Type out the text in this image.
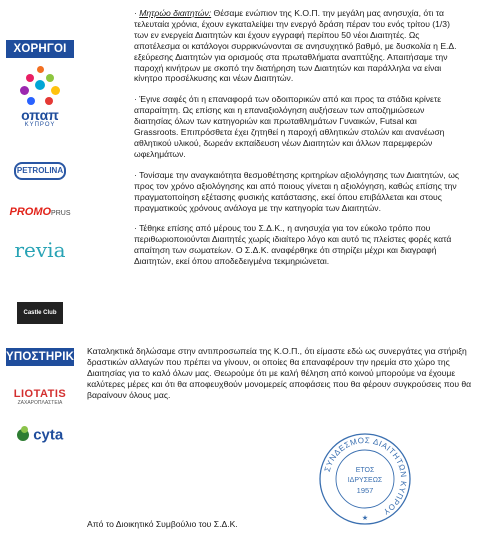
ΧΟΡΗΓΟΙ
οπαπ
ΚΥΠΡΟΥ
PETROLINA
PROMOPRUS
revia
Castle Club
ΥΠΟΣΤΗΡΙΚΤΕΣ
LIOTATIS
ΖΑΧΑΡΟΠΛΑΣΤΕΙΑ
cyta

· Μητρώο διαιτητών: Θέσαμε ενώπιον της Κ.Ο.Π. την μεγάλη μας ανησυχία, ότι τα τελευταία χρόνια, έχουν εγκαταλείψει την ενεργό δράση πέραν του ενός τρίτου (1/3) των εν ενεργεία Διαιτητών και έχουν εγγραφή περίπου 50 νέοι Διαιτητές. Ως αποτέλεσμα οι κατάλογοι συρρικνώνονται σε ανησυχητικό βαθμό, με δυσκολία η Ε.Δ. εξεύρεσης Διαιτητών για ορισμούς στα πρωταθλήματα αναπτύξης. Απαιτήσαμε την παροχή κινήτρων με σκοπό την διατήρηση των Διαιτητών και παράλληλα να είναι κίνητρο προσέλκυσης και νέων Διαιτητών.

· Έγινε σαφές ότι η επαναφορά των οδοιπορικών από και προς τα στάδια κρίνετε απαραίτητη. Ως επίσης και η επαναξιολόγηση αυξήσεων των αποζημιώσεων διαιτησίας όλων των κατηγοριών και πρωταθλημάτων Γυναικών, Futsal και Grassroots. Επιπρόσθετα έχει ζητηθεί η παροχή αθλητικών στολών και ανανέωση αθλητικού υλικού, δωρεάν εκπαίδευση νέων Διαιτητών και άλλων παρεμφερών ωφελημάτων.

· Τονίσαμε την αναγκαιότητα θεσμοθέτησης κριτηρίων αξιολόγησης των Διαιτητών, ως προς τον χρόνο αξιολόγησης και από ποιους γίνεται η αξιολόγηση, καθώς επίσης την πραγματοποίηση εξέτασης φυσικής κατάστασης, εκεί όπου επιβάλλεται και στους πραγματικούς χρόνους ανάλογα με την κατηγορία των Διαιτητών.

· Τέθηκε επίσης από μέρους του Σ.Δ.Κ., η ανησυχία για τον εύκολο τρόπο που περιθωριοποιούνται Διαιτητές χωρίς ιδιαίτερο λόγο και αυτό τις πλείστες φορές κατά απαίτηση των σωματείων. Ο Σ.Δ.Κ. αναφέρθηκε ότι στηρίζει μέχρι και διαγραφή Διαιτητών, εκεί όπου αποδεδειγμένα τεκμηριώνεται.

Καταληκτικά δηλώσαμε στην αντιπροσωπεία της Κ.Ο.Π., ότι είμαστε εδώ ως συνεργάτες για στήριξη δραστικών αλλαγών που πρέπει να γίνουν, οι οποίες θα επαναφέρουν την ηρεμία στο χώρο της Διαιτησίας για το καλό όλων μας. Θεωρούμε ότι με καλή θέληση από κοινού μπορούμε να έχουμε καλύτερες μέρες και ότι θα αποφευχθούν μονομερείς αποφάσεις που θα φέρουν συγκρούσεις που θα βαραίνουν όλους μας.
ΣΥΝΔΕΣΜΟΣ ΔΙΑΙΤΗΤΩΝ ΚΥΠΡΟΥ
ΕΤΟΣ
ΙΔΡΥΣΕΩΣ
1957
★
Από το Διοικητικό Συμβούλιο του Σ.Δ.Κ.
